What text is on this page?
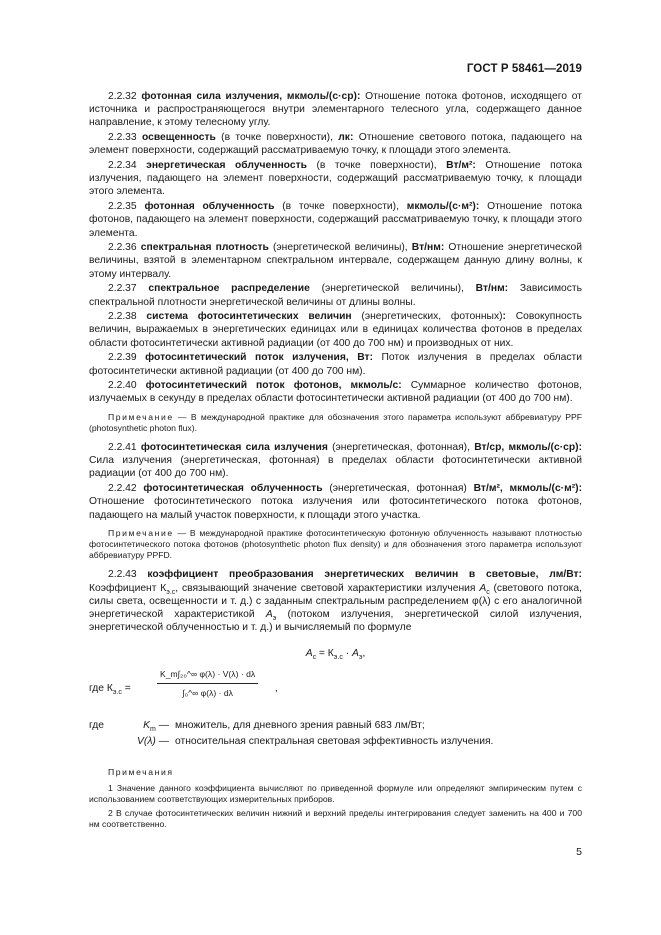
ГОСТ Р 58461—2019
2.2.32 фотонная сила излучения, мкмоль/(с·ср): Отношение потока фотонов, исходящего от источника и распространяющегося внутри элементарного телесного угла, содержащего данное направление, к этому телесному углу.
2.2.33 освещенность (в точке поверхности), лк: Отношение светового потока, падающего на элемент поверхности, содержащий рассматриваемую точку, к площади этого элемента.
2.2.34 энергетическая облученность (в точке поверхности), Вт/м²: Отношение потока излучения, падающего на элемент поверхности, содержащий рассматриваемую точку, к площади этого элемента.
2.2.35 фотонная облученность (в точке поверхности), мкмоль/(с·м²): Отношение потока фотонов, падающего на элемент поверхности, содержащий рассматриваемую точку, к площади этого элемента.
2.2.36 спектральная плотность (энергетической величины), Вт/нм: Отношение энергетической величины, взятой в элементарном спектральном интервале, содержащем данную длину волны, к этому интервалу.
2.2.37 спектральное распределение (энергетической величины), Вт/нм: Зависимость спектральной плотности энергетической величины от длины волны.
2.2.38 система фотосинтетических величин (энергетических, фотонных): Совокупность величин, выражаемых в энергетических единицах или в единицах количества фотонов в пределах области фотосинтетически активной радиации (от 400 до 700 нм) и производных от них.
2.2.39 фотосинтетический поток излучения, Вт: Поток излучения в пределах области фотосинтетически активной радиации (от 400 до 700 нм).
2.2.40 фотосинтетический поток фотонов, мкмоль/с: Суммарное количество фотонов, излучаемых в секунду в пределах области фотосинтетически активной радиации (от 400 до 700 нм).
Примечание — В международной практике для обозначения этого параметра используют аббревиатуру PPF (photosynthetic photon flux).
2.2.41 фотосинтетическая сила излучения (энергетическая, фотонная), Вт/ср, мкмоль/(с·ср): Сила излучения (энергетическая, фотонная) в пределах области фотосинтетически активной радиации (от 400 до 700 нм).
2.2.42 фотосинтетическая облученность (энергетическая, фотонная) Вт/м², мкмоль/(с·м²): Отношение фотосинтетического потока излучения или фотосинтетического потока фотонов, падающего на малый участок поверхности, к площади этого участка.
Примечание — В международной практике фотосинтетическую фотонную облученность называют плотностью фотосинтетического потока фотонов (photosynthetic photon flux density) и для обозначения этого параметра используют аббревиатуру PPFD.
2.2.43 коэффициент преобразования энергетических величин в световые, лм/Вт: Коэффициент $К_{э.с}$, связывающий значение световой характеристики излучения $A_с$ (светового потока, силы света, освещенности и т. д.) с заданным спектральным распределением φ(λ) с его аналогичной энергетической характеристикой $A_э$ (потоком излучения, энергетической силой излучения, энергетической облученностью и т. д.) и вычисляемый по формуле
$A_с = К_{э.с} \cdot A_э$,
где $К_{э.с}$ =	$\frac{\text{K\_m∫₂₀\textasciicircum{}∞ φ(λ) · V(λ) · dλ}}{\text{∫₀\textasciicircum{}∞ φ(λ) · dλ}}$ ,
где	$K_m$ — множитель, для дневного зрения равный 683 лм/Вт;
V(λ) — относительная спектральная световая эффективность излучения.
Примечания
1 Значение данного коэффициента вычисляют по приведенной формуле или определяют эмпирическим путем с использованием соответствующих измерительных приборов.
2 В случае фотосинтетических величин нижний и верхний пределы интегрирования следует заменить на 400 и 700 нм соответственно.
5
